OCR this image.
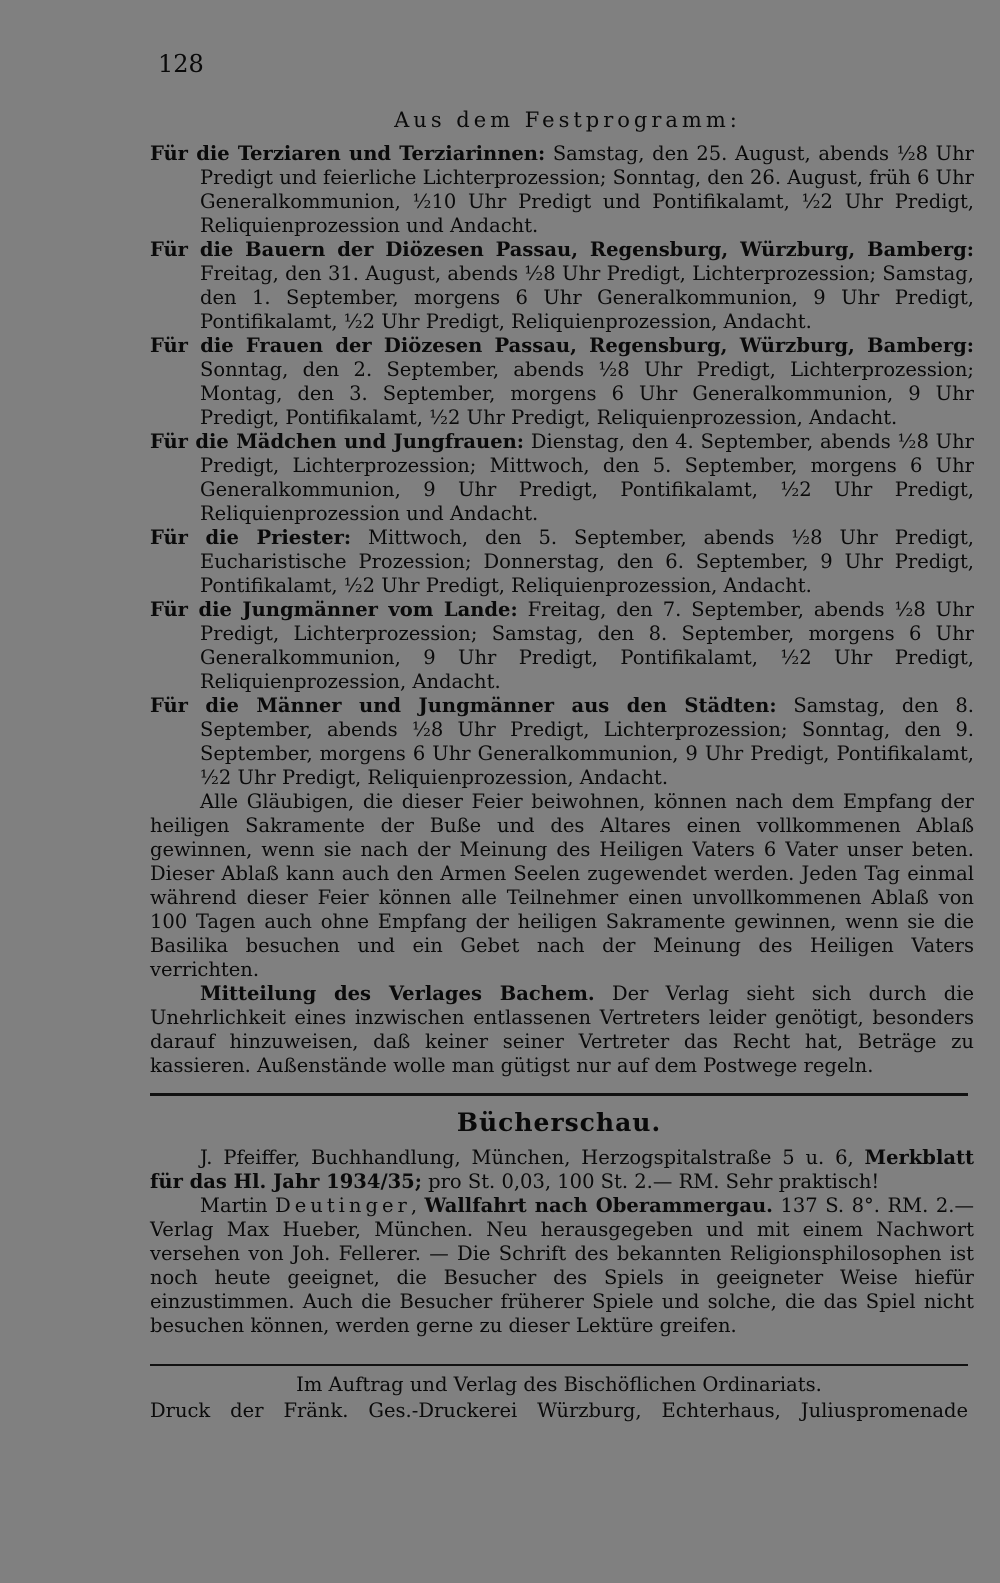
128
Aus dem Festprogramm:

Für die Terziaren und Terziarinnen: Samstag, den 25. August, abends ½8 Uhr Predigt und feierliche Lichterprozession; Sonntag, den 26. August, früh 6 Uhr Generalkommunion, ½10 Uhr Predigt und Pontifikalamt, ½2 Uhr Predigt, Reliquienprozession und Andacht.

Für die Bauern der Diözesen Passau, Regensburg, Würzburg, Bamberg: Freitag, den 31. August, abends ½8 Uhr Predigt, Lichterprozession; Samstag, den 1. September, morgens 6 Uhr Generalkommunion, 9 Uhr Predigt, Pontifikalamt, ½2 Uhr Predigt, Reliquienprozession, Andacht.

Für die Frauen der Diözesen Passau, Regensburg, Würzburg, Bamberg: Sonntag, den 2. September, abends ½8 Uhr Predigt, Lichterprozession; Montag, den 3. September, morgens 6 Uhr Generalkommunion, 9 Uhr Predigt, Pontifikalamt, ½2 Uhr Predigt, Reliquienprozession, Andacht.

Für die Mädchen und Jungfrauen: Dienstag, den 4. September, abends ½8 Uhr Predigt, Lichterprozession; Mittwoch, den 5. September, morgens 6 Uhr Generalkommunion, 9 Uhr Predigt, Pontifikalamt, ½2 Uhr Predigt, Reliquienprozession und Andacht.

Für die Priester: Mittwoch, den 5. September, abends ½8 Uhr Predigt, Eucharistische Prozession; Donnerstag, den 6. September, 9 Uhr Predigt, Pontifikalamt, ½2 Uhr Predigt, Reliquienprozession, Andacht.

Für die Jungmänner vom Lande: Freitag, den 7. September, abends ½8 Uhr Predigt, Lichterprozession; Samstag, den 8. September, morgens 6 Uhr Generalkommunion, 9 Uhr Predigt, Pontifikalamt, ½2 Uhr Predigt, Reliquienprozession, Andacht.

Für die Männer und Jungmänner aus den Städten: Samstag, den 8. September, abends ½8 Uhr Predigt, Lichterprozession; Sonntag, den 9. September, morgens 6 Uhr Generalkommunion, 9 Uhr Predigt, Pontifikalamt, ½2 Uhr Predigt, Reliquienprozession, Andacht.

Alle Gläubigen, die dieser Feier beiwohnen, können nach dem Empfang der heiligen Sakramente der Buße und des Altares einen vollkommenen Ablaß gewinnen, wenn sie nach der Meinung des Heiligen Vaters 6 Vater unser beten. Dieser Ablaß kann auch den Armen Seelen zugewendet werden. Jeden Tag einmal während dieser Feier können alle Teilnehmer einen unvollkommenen Ablaß von 100 Tagen auch ohne Empfang der heiligen Sakramente gewinnen, wenn sie die Basilika besuchen und ein Gebet nach der Meinung des Heiligen Vaters verrichten.

Mitteilung des Verlages Bachem. Der Verlag sieht sich durch die Unehrlichkeit eines inzwischen entlassenen Vertreters leider genötigt, besonders darauf hinzuweisen, daß keiner seiner Vertreter das Recht hat, Beträge zu kassieren. Außenstände wolle man gütigst nur auf dem Postwege regeln.

Bücherschau.

J. Pfeiffer, Buchhandlung, München, Herzogspitalstraße 5 u. 6, Merkblatt für das Hl. Jahr 1934/35; pro St. 0,03, 100 St. 2.— RM. Sehr praktisch!

Martin Deutinger, Wallfahrt nach Oberammergau. 137 S. 8°. RM. 2.— Verlag Max Hueber, München. Neu herausgegeben und mit einem Nachwort versehen von Joh. Fellerer. — Die Schrift des bekannten Religionsphilosophen ist noch heute geeignet, die Besucher des Spiels in geeigneter Weise hiefür einzustimmen. Auch die Besucher früherer Spiele und solche, die das Spiel nicht besuchen können, werden gerne zu dieser Lektüre greifen.

Im Auftrag und Verlag des Bischöflichen Ordinariats.
Druck der Fränk. Ges.-Druckerei Würzburg, Echterhaus, Juliuspromenade
